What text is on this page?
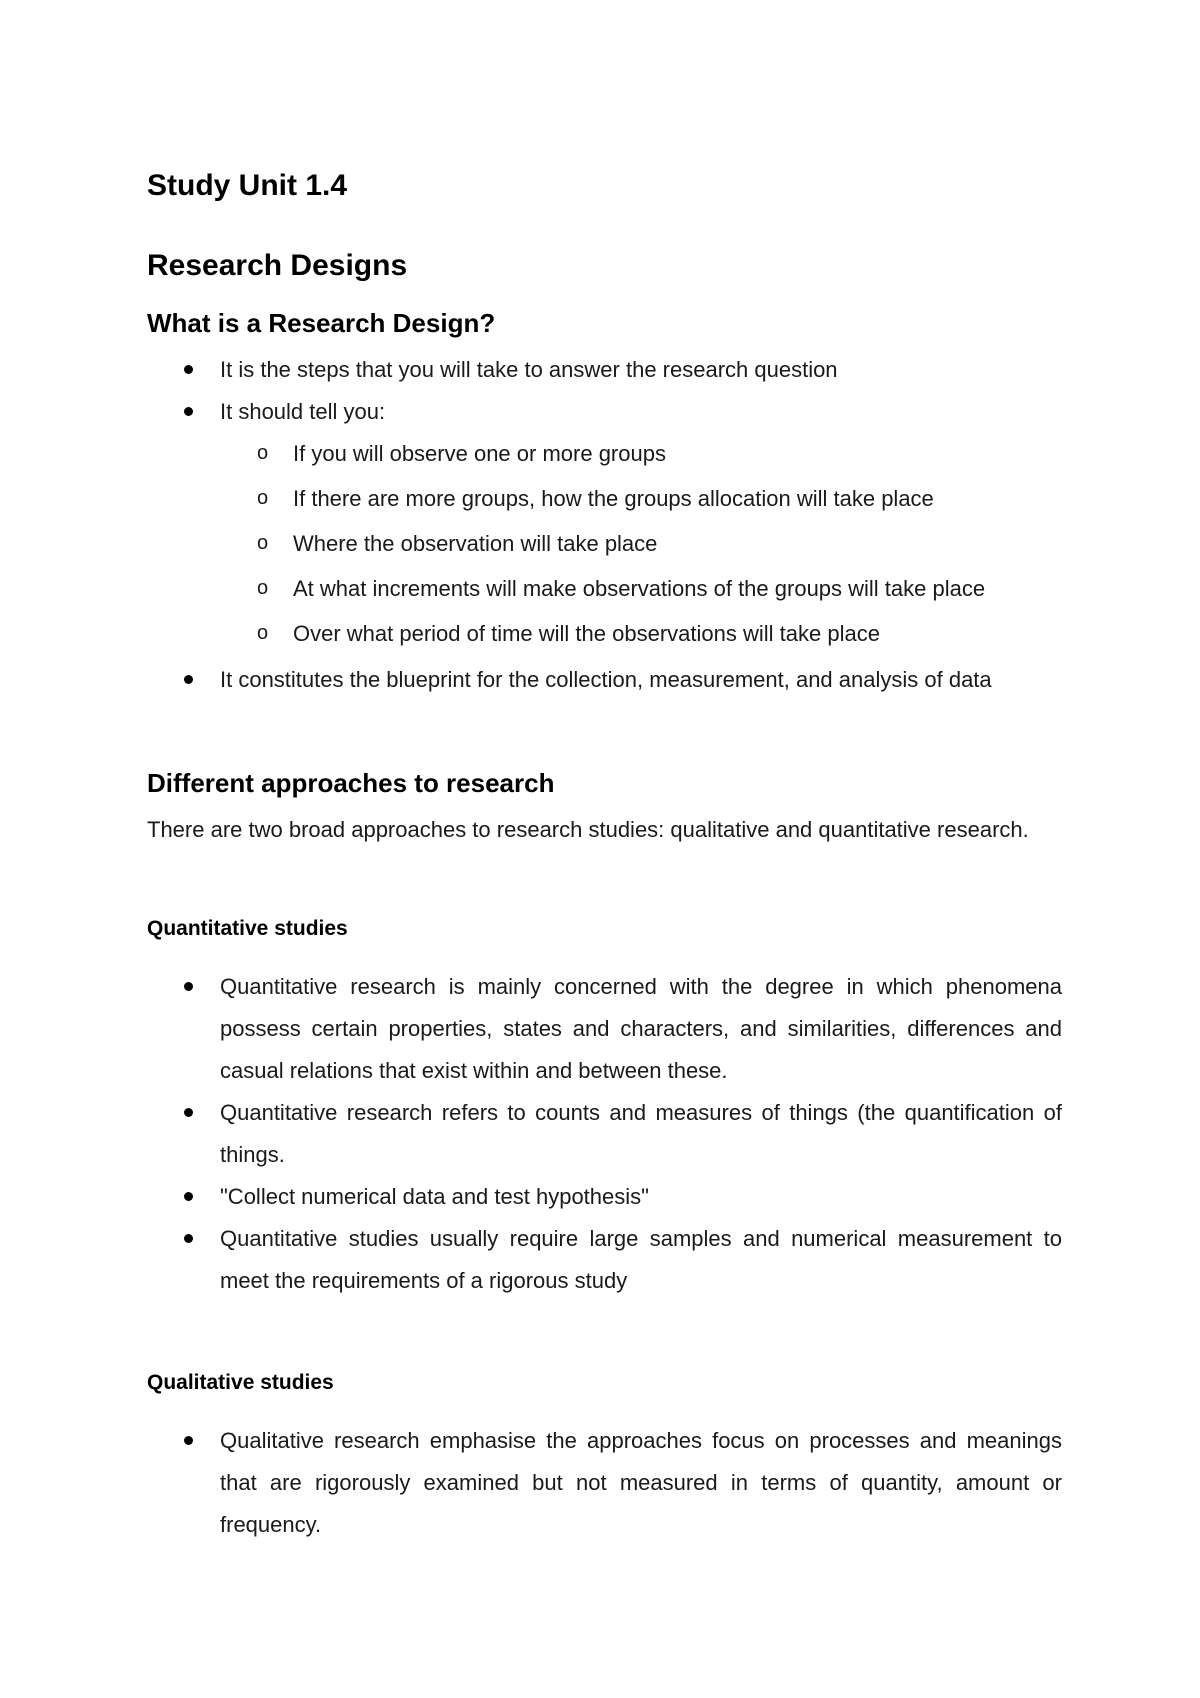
Study Unit 1.4
Research Designs
What is a Research Design?
It is the steps that you will take to answer the research question
It should tell you:
o If you will observe one or more groups
o If there are more groups, how the groups allocation will take place
o Where the observation will take place
o At what increments will make observations of the groups will take place
o Over what period of time will the observations will take place
It constitutes the blueprint for the collection, measurement, and analysis of data
Different approaches to research
There are two broad approaches to research studies: qualitative and quantitative research.
Quantitative studies
Quantitative research is mainly concerned with the degree in which phenomena possess certain properties, states and characters, and similarities, differences and casual relations that exist within and between these.
Quantitative research refers to counts and measures of things (the quantification of things.
"Collect numerical data and test hypothesis"
Quantitative studies usually require large samples and numerical measurement to meet the requirements of a rigorous study
Qualitative studies
Qualitative research emphasise the approaches focus on processes and meanings that are rigorously examined but not measured in terms of quantity, amount or frequency.
